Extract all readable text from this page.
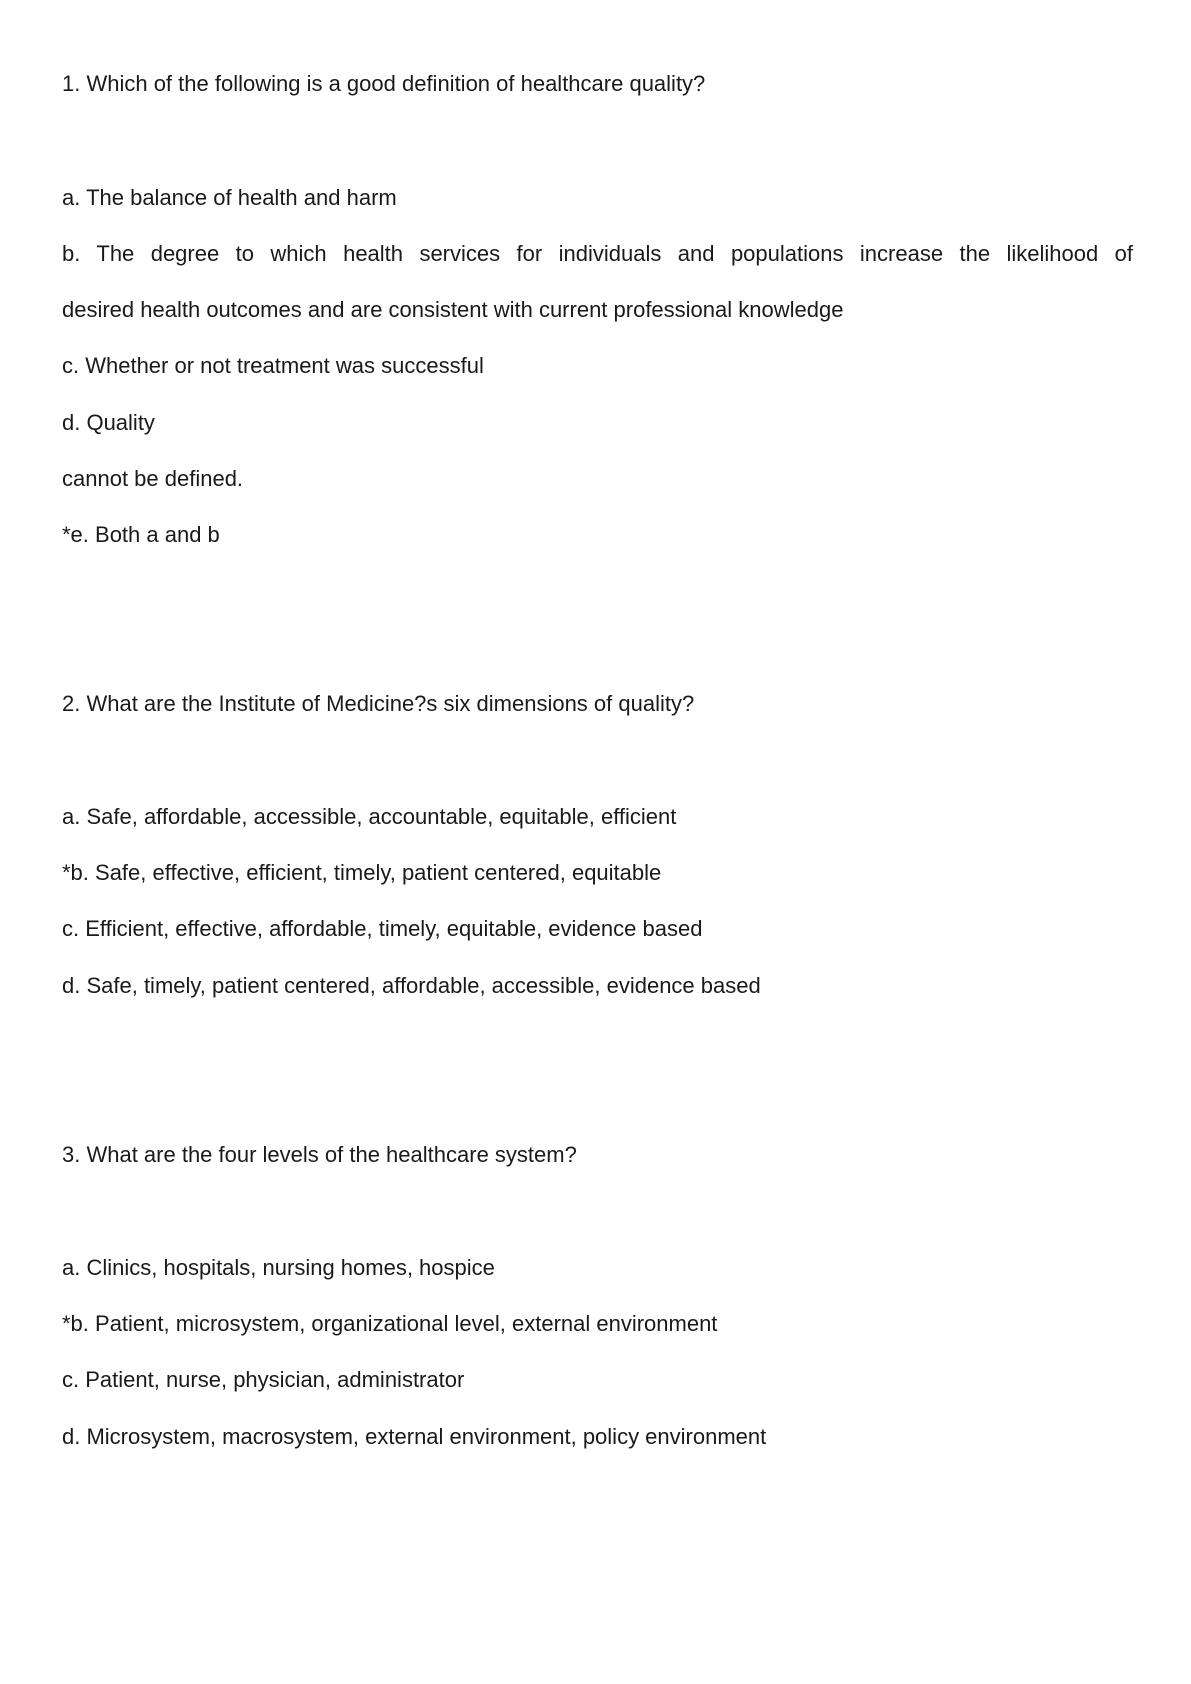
1. Which of the following is a good definition of healthcare quality?
a. The balance of health and harm
b. The degree to which health services for individuals and populations increase the likelihood of
desired health outcomes and are consistent with current professional knowledge
c. Whether or not treatment was successful
d. Quality
cannot be defined.
*e. Both a and b
2. What are the Institute of Medicine?s six dimensions of quality?
a. Safe, affordable, accessible, accountable, equitable, efficient
*b. Safe, effective, efficient, timely, patient centered, equitable
c. Efficient, effective, affordable, timely, equitable, evidence based
d. Safe, timely, patient centered, affordable, accessible, evidence based
3. What are the four levels of the healthcare system?
a. Clinics, hospitals, nursing homes, hospice
*b. Patient, microsystem, organizational level, external environment
c. Patient, nurse, physician, administrator
d. Microsystem, macrosystem, external environment, policy environment
